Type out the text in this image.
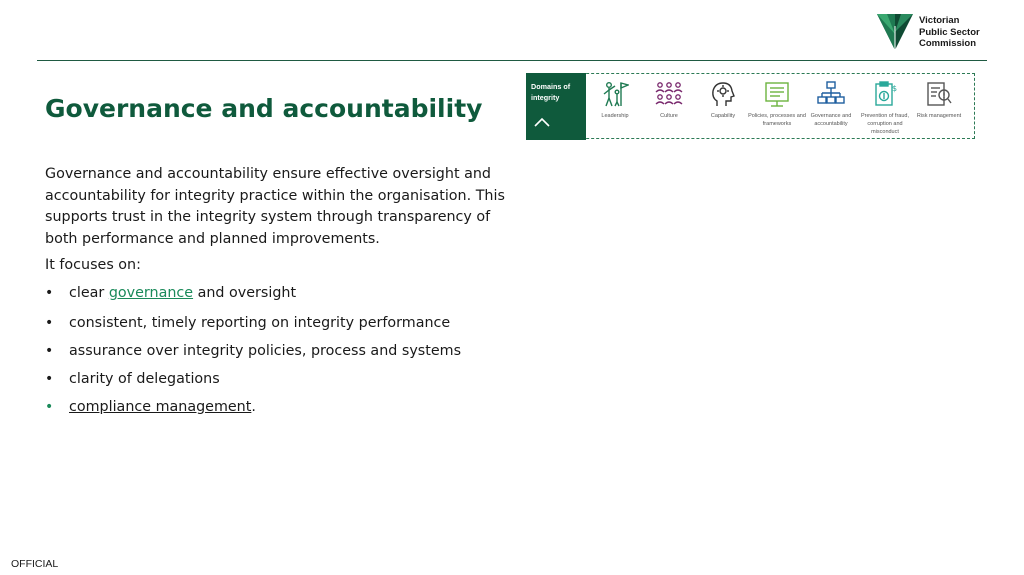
Victorian
Public Sector
Commission
Governance and accountability

Governance and accountability ensure effective oversight and accountability for integrity practice within the organisation. This supports trust in the integrity system through transparency of both performance and planned improvements.

It focuses on:

• clear governance and oversight
• consistent, timely reporting on integrity performance
• assurance over integrity policies, process and systems
• clarity of delegations
• compliance management.
Domains of integrity
Leadership	Culture	Capability	Policies, processes and frameworks
Governance and accountability
$
Prevention of fraud, corruption and misconduct
Risk management
OFFICIAL
